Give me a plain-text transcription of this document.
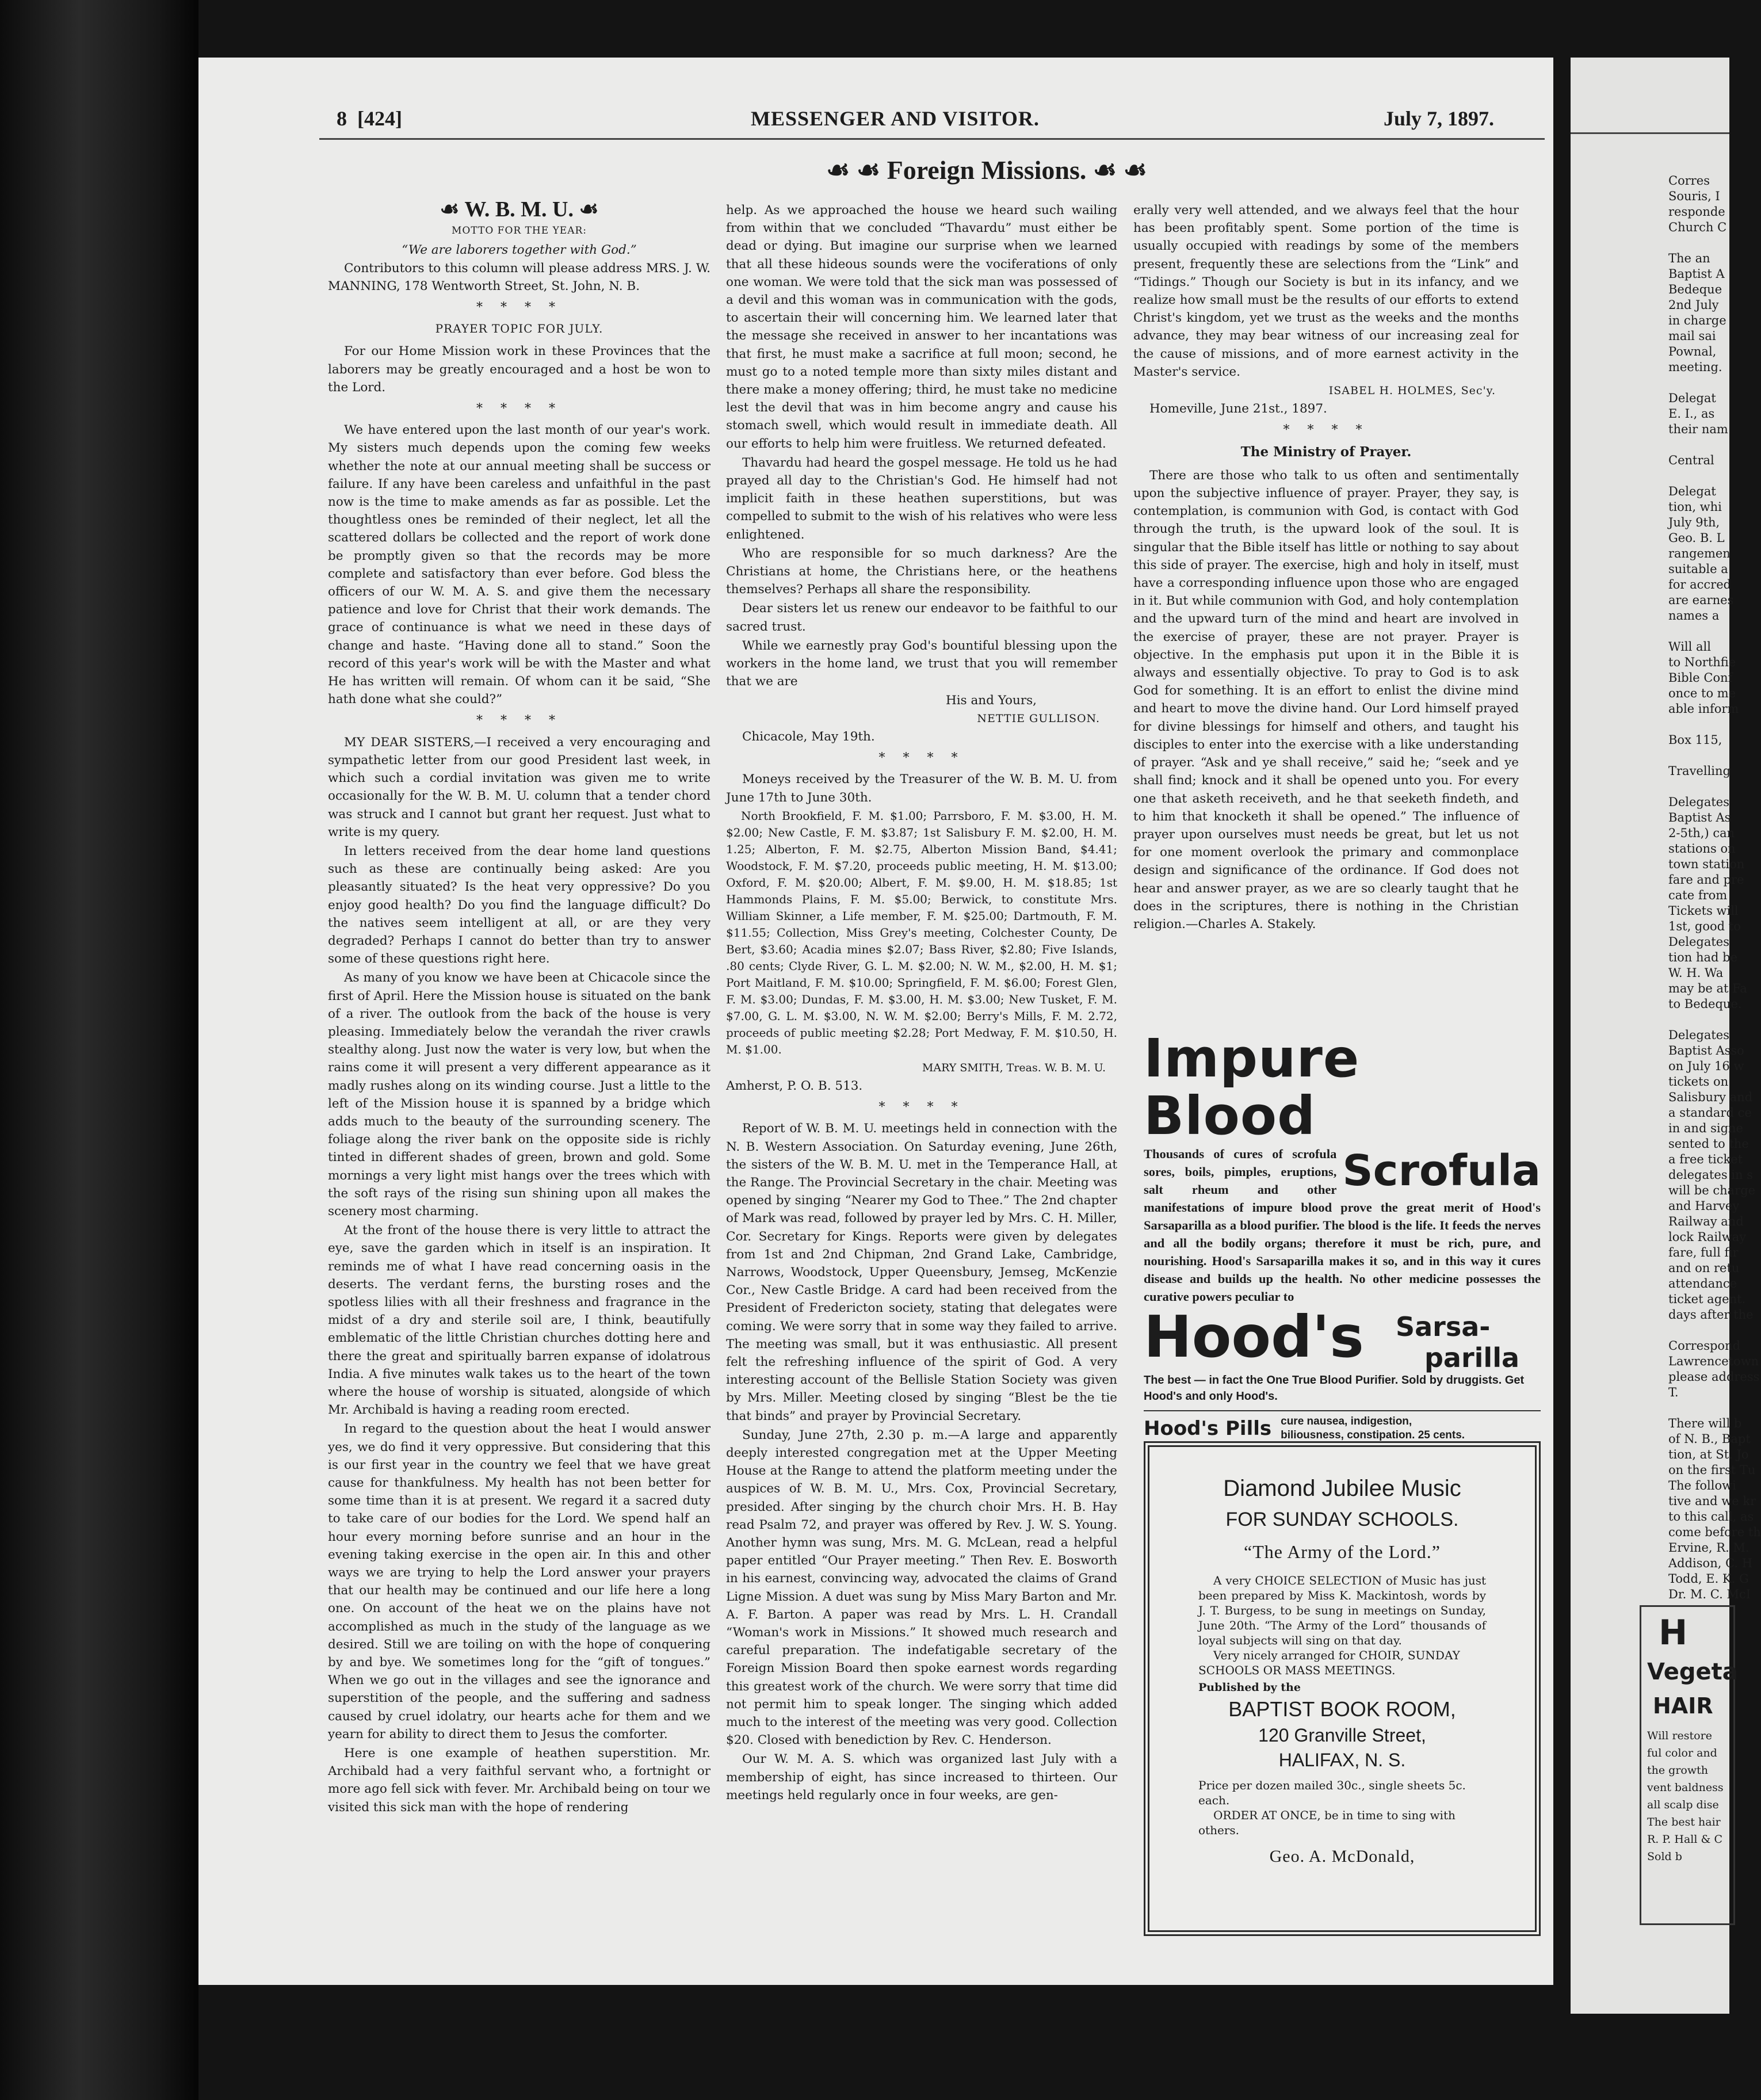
8 [424]	MESSENGER AND VISITOR.	July 7, 1897.
☙ ☙ Foreign Missions. ☙ ☙
☙ W. B. M. U. ☙
MOTTO FOR THE YEAR:
“We are laborers together with God.”

Contributors to this column will please address MRS. J. W. MANNING, 178 Wentworth Street, St. John, N. B.

* * * *
PRAYER TOPIC FOR JULY.

For our Home Mission work in these Provinces that the laborers may be greatly encouraged and a host be won to the Lord.

* * * *

We have entered upon the last month of our year's work. My sisters much depends upon the coming few weeks whether the note at our annual meeting shall be success or failure. If any have been careless and unfaithful in the past now is the time to make amends as far as possible. Let the thoughtless ones be reminded of their neglect, let all the scattered dollars be collected and the report of work done be promptly given so that the records may be more complete and satisfactory than ever before. God bless the officers of our W. M. A. S. and give them the necessary patience and love for Christ that their work demands. The grace of continuance is what we need in these days of change and haste. “Having done all to stand.” Soon the record of this year's work will be with the Master and what He has written will remain. Of whom can it be said, “She hath done what she could?”

* * * *

MY DEAR SISTERS,—I received a very encouraging and sympathetic letter from our good President last week, in which such a cordial invitation was given me to write occasionally for the W. B. M. U. column that a tender chord was struck and I cannot but grant her request. Just what to write is my query.

In letters received from the dear home land questions such as these are continually being asked: Are you pleasantly situated? Is the heat very oppressive? Do you enjoy good health? Do you find the language difficult? Do the natives seem intelligent at all, or are they very degraded? Perhaps I cannot do better than try to answer some of these questions right here.

As many of you know we have been at Chicacole since the first of April. Here the Mission house is situated on the bank of a river. The outlook from the back of the house is very pleasing. Immediately below the verandah the river crawls stealthy along. Just now the water is very low, but when the rains come it will present a very different appearance as it madly rushes along on its winding course. Just a little to the left of the Mission house it is spanned by a bridge which adds much to the beauty of the surrounding scenery. The foliage along the river bank on the opposite side is richly tinted in different shades of green, brown and gold. Some mornings a very light mist hangs over the trees which with the soft rays of the rising sun shining upon all makes the scenery most charming.

At the front of the house there is very little to attract the eye, save the garden which in itself is an inspiration. It reminds me of what I have read concerning oasis in the deserts. The verdant ferns, the bursting roses and the spotless lilies with all their freshness and fragrance in the midst of a dry and sterile soil are, I think, beautifully emblematic of the little Christian churches dotting here and there the great and spiritually barren expanse of idolatrous India. A five minutes walk takes us to the heart of the town where the house of worship is situated, alongside of which Mr. Archibald is having a reading room erected.

In regard to the question about the heat I would answer yes, we do find it very oppressive. But considering that this is our first year in the country we feel that we have great cause for thankfulness. My health has not been better for some time than it is at present. We regard it a sacred duty to take care of our bodies for the Lord. We spend half an hour every morning before sunrise and an hour in the evening taking exercise in the open air. In this and other ways we are trying to help the Lord answer your prayers that our health may be continued and our life here a long one. On account of the heat we on the plains have not accomplished as much in the study of the language as we desired. Still we are toiling on with the hope of conquering by and bye. We sometimes long for the “gift of tongues.” When we go out in the villages and see the ignorance and superstition of the people, and the suffering and sadness caused by cruel idolatry, our hearts ache for them and we yearn for ability to direct them to Jesus the comforter.

Here is one example of heathen superstition. Mr. Archibald had a very faithful servant who, a fortnight or more ago fell sick with fever. Mr. Archibald being on tour we visited this sick man with the hope of rendering

help. As we approached the house we heard such wailing from within that we concluded “Thavardu” must either be dead or dying. But imagine our surprise when we learned that all these hideous sounds were the vociferations of only one woman. We were told that the sick man was possessed of a devil and this woman was in communication with the gods, to ascertain their will concerning him. We learned later that the message she received in answer to her incantations was that first, he must make a sacrifice at full moon; second, he must go to a noted temple more than sixty miles distant and there make a money offering; third, he must take no medicine lest the devil that was in him become angry and cause his stomach swell, which would result in immediate death. All our efforts to help him were fruitless. We returned defeated.

Thavardu had heard the gospel message. He told us he had prayed all day to the Christian's God. He himself had not implicit faith in these heathen superstitions, but was compelled to submit to the wish of his relatives who were less enlightened.

Who are responsible for so much darkness? Are the Christians at home, the Christians here, or the heathens themselves? Perhaps all share the responsibility.

Dear sisters let us renew our endeavor to be faithful to our sacred trust.

While we earnestly pray God's bountiful blessing upon the workers in the home land, we trust that you will remember that we are

His and Yours,
NETTIE GULLISON.

Chicacole, May 19th.

* * * *

Moneys received by the Treasurer of the W. B. M. U. from June 17th to June 30th.

North Brookfield, F. M. $1.00; Parrsboro, F. M. $3.00, H. M. $2.00; New Castle, F. M. $3.87; 1st Salisbury F. M. $2.00, H. M. 1.25; Alberton, F. M. $2.75, Alberton Mission Band, $4.41; Woodstock, F. M. $7.20, proceeds public meeting, H. M. $13.00; Oxford, F. M. $20.00; Albert, F. M. $9.00, H. M. $18.85; 1st Hammonds Plains, F. M. $5.00; Berwick, to constitute Mrs. William Skinner, a Life member, F. M. $25.00; Dartmouth, F. M. $11.55; Collection, Miss Grey's meeting, Colchester County, De Bert, $3.60; Acadia mines $2.07; Bass River, $2.80; Five Islands, .80 cents; Clyde River, G. L. M. $2.00; N. W. M., $2.00, H. M. $1; Port Maitland, F. M. $10.00; Springfield, F. M. $6.00; Forest Glen, F. M. $3.00; Dundas, F. M. $3.00, H. M. $3.00; New Tusket, F. M. $7.00, G. L. M. $3.00, N. W. M. $2.00; Berry's Mills, F. M. 2.72, proceeds of public meeting $2.28; Port Medway, F. M. $10.50, H. M. $1.00.

MARY SMITH, Treas. W. B. M. U.

Amherst, P. O. B. 513.

* * * *

Report of W. B. M. U. meetings held in connection with the N. B. Western Association. On Saturday evening, June 26th, the sisters of the W. B. M. U. met in the Temperance Hall, at the Range. The Provincial Secretary in the chair. Meeting was opened by singing “Nearer my God to Thee.” The 2nd chapter of Mark was read, followed by prayer led by Mrs. C. H. Miller, Cor. Secretary for Kings. Reports were given by delegates from 1st and 2nd Chipman, 2nd Grand Lake, Cambridge, Narrows, Woodstock, Upper Queensbury, Jemseg, McKenzie Cor., New Castle Bridge. A card had been received from the President of Fredericton society, stating that delegates were coming. We were sorry that in some way they failed to arrive. The meeting was small, but it was enthusiastic. All present felt the refreshing influence of the spirit of God. A very interesting account of the Bellisle Station Society was given by Mrs. Miller. Meeting closed by singing “Blest be the tie that binds” and prayer by Provincial Secretary.

Sunday, June 27th, 2.30 p. m.—A large and apparently deeply interested congregation met at the Upper Meeting House at the Range to attend the platform meeting under the auspices of W. B. M. U., Mrs. Cox, Provincial Secretary, presided. After singing by the church choir Mrs. H. B. Hay read Psalm 72, and prayer was offered by Rev. J. W. S. Young. Another hymn was sung, Mrs. M. G. McLean, read a helpful paper entitled “Our Prayer meeting.” Then Rev. E. Bosworth in his earnest, convincing way, advocated the claims of Grand Ligne Mission. A duet was sung by Miss Mary Barton and Mr. A. F. Barton. A paper was read by Mrs. L. H. Crandall “Woman's work in Missions.” It showed much research and careful preparation. The indefatigable secretary of the Foreign Mission Board then spoke earnest words regarding this greatest work of the church. We were sorry that time did not permit him to speak longer. The singing which added much to the interest of the meeting was very good. Collection $20. Closed with benediction by Rev. C. Henderson.

Our W. M. A. S. which was organized last July with a membership of eight, has since increased to thirteen. Our meetings held regularly once in four weeks, are gen-

erally very well attended, and we always feel that the hour has been profitably spent. Some portion of the time is usually occupied with readings by some of the members present, frequently these are selections from the “Link” and “Tidings.” Though our Society is but in its infancy, and we realize how small must be the results of our efforts to extend Christ's kingdom, yet we trust as the weeks and the months advance, they may bear witness of our increasing zeal for the cause of missions, and of more earnest activity in the Master's service.

ISABEL H. HOLMES, Sec'y.

Homeville, June 21st., 1897.

* * * *
The Ministry of Prayer.

There are those who talk to us often and sentimentally upon the subjective influence of prayer. Prayer, they say, is contemplation, is communion with God, is contact with God through the truth, is the upward look of the soul. It is singular that the Bible itself has little or nothing to say about this side of prayer. The exercise, high and holy in itself, must have a corresponding influence upon those who are engaged in it. But while communion with God, and holy contemplation and the upward turn of the mind and heart are involved in the exercise of prayer, these are not prayer. Prayer is objective. In the emphasis put upon it in the Bible it is always and essentially objective. To pray to God is to ask God for something. It is an effort to enlist the divine mind and heart to move the divine hand. Our Lord himself prayed for divine blessings for himself and others, and taught his disciples to enter into the exercise with a like understanding of prayer. “Ask and ye shall receive,” said he; “seek and ye shall find; knock and it shall be opened unto you. For every one that asketh receiveth, and he that seeketh findeth, and to him that knocketh it shall be opened.” The influence of prayer upon ourselves must needs be great, but let us not for one moment overlook the primary and commonplace design and significance of the ordinance. If God does not hear and answer prayer, as we are so clearly taught that he does in the scriptures, there is nothing in the Christian religion.—Charles A. Stakely.

Impure Blood
Scrofula
Thousands of cures of scrofula sores, boils, pimples, eruptions, salt rheum and other manifestations of impure blood prove the great merit of Hood's Sarsaparilla as a blood purifier. The blood is the life. It feeds the nerves and all the bodily organs; therefore it must be rich, pure, and nourishing. Hood's Sarsaparilla makes it so, and in this way it cures disease and builds up the health. No other medicine possesses the curative powers peculiar to
Hood's Sarsa-
parilla
The best — in fact the One True Blood Purifier. Sold by druggists. Get Hood's and only Hood's.
Hood's Pills cure nausea, indigestion, biliousness, constipation. 25 cents.
Diamond Jubilee Music
FOR SUNDAY SCHOOLS.
“The Army of the Lord.”
A very CHOICE SELECTION of Music has just been prepared by Miss K. Mackintosh, words by J. T. Burgess, to be sung in meetings on Sunday, June 20th. “The Army of the Lord” thousands of loyal subjects will sing on that day.
Very nicely arranged for CHOIR, SUNDAY SCHOOLS OR MASS MEETINGS.
Published by the
BAPTIST BOOK ROOM,
120 Granville Street,
HALIFAX, N. S.
Price per dozen mailed 30c., single sheets 5c. each.
ORDER AT ONCE, be in time to sing with others.
Geo. A. McDonald,
Corres
Souris, I
responde
Church C
The an
Baptist A
Bedeque
2nd July
in charge
mail sai
Pownal,
meeting.
Delegat
E. I., as
their nam
Central
Delegat
tion, whi
July 9th,
Geo. B. L
rangemen
suitable a
for accred
are earnes
names a
Will all
to Northfie
Bible Conf
once to me
able inform
Box 115,
Travelling
Delegates
Baptist As
2-5th,) can
stations on
town station
fare and pre
cate from
Tickets will
1st, good to
Delegates
tion had be
W. H. Wa
may be at Fa
to Bedeque.
Delegates
Baptist Asso
on July 16 w
tickets on
Salisbury and
a standard ce
in and signe
sented to the
a free ticket
delegates in s
will be charge
and Harvey
Railway and
lock Railway
fare, full fir
and on retu
attendance
ticket agent.
days after the
Correspond
Lawrencetown
please address
T.
There will b
of N. B., Bapt
tion, at St. Jo
on the first Tu
The followi
tive and we kr
to this call, as
come before th
Ervine, R. M.
Addison, C. H
Todd, E. K. G
Dr. M. C. McI
H
Vegeta
HAIR
Will restore
ful color and
the growth
vent baldness
all scalp dise
The best hair
R. P. Hall & C
Sold b
